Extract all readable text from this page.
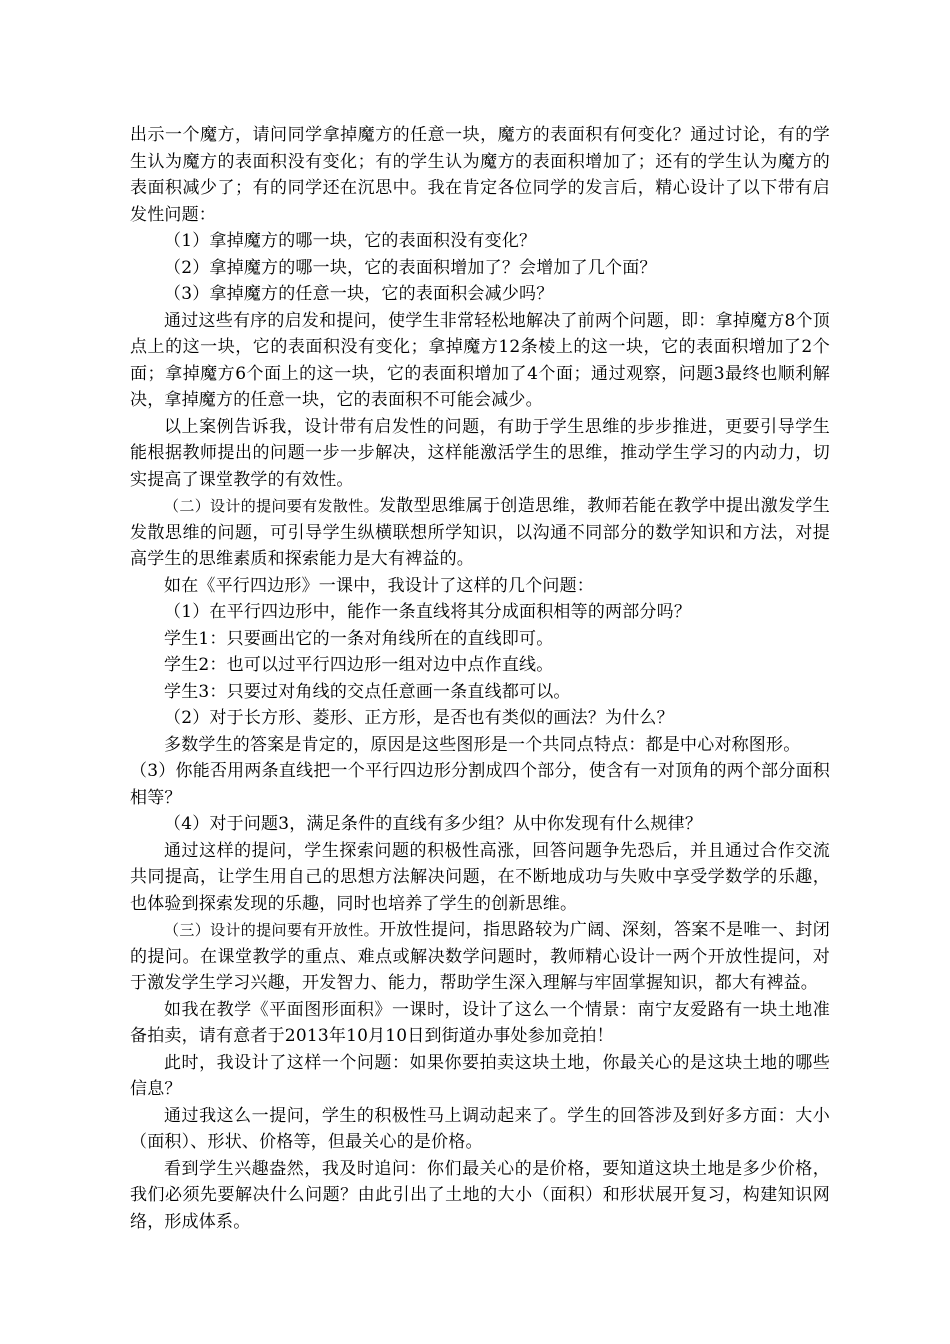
出示一个魔方，请问同学拿掉魔方的任意一块，魔方的表面积有何变化？通过讨论，有的学生认为魔方的表面积没有变化；有的学生认为魔方的表面积增加了；还有的学生认为魔方的表面积减少了；有的同学还在沉思中。我在肯定各位同学的发言后，精心设计了以下带有启发性问题：

（1）拿掉魔方的哪一块，它的表面积没有变化？

（2）拿掉魔方的哪一块，它的表面积增加了？会增加了几个面？

（3）拿掉魔方的任意一块，它的表面积会减少吗？

通过这些有序的启发和提问，使学生非常轻松地解决了前两个问题，即：拿掉魔方8个顶点上的这一块，它的表面积没有变化；拿掉魔方12条棱上的这一块，它的表面积增加了2个面；拿掉魔方6个面上的这一块，它的表面积增加了4个面；通过观察，问题3最终也顺利解决，拿掉魔方的任意一块，它的表面积不可能会减少。

以上案例告诉我，设计带有启发性的问题，有助于学生思维的步步推进，更要引导学生能根据教师提出的问题一步一步解决，这样能激活学生的思维，推动学生学习的内动力，切实提高了课堂教学的有效性。

（二）设计的提问要有发散性。发散型思维属于创造思维，教师若能在教学中提出激发学生发散思维的问题，可引导学生纵横联想所学知识，以沟通不同部分的数学知识和方法，对提高学生的思维素质和探索能力是大有裨益的。

如在《平行四边形》一课中，我设计了这样的几个问题：

（1）在平行四边形中，能作一条直线将其分成面积相等的两部分吗？

学生1：只要画出它的一条对角线所在的直线即可。

学生2：也可以过平行四边形一组对边中点作直线。

学生3：只要过对角线的交点任意画一条直线都可以。

（2）对于长方形、菱形、正方形，是否也有类似的画法？为什么？

多数学生的答案是肯定的，原因是这些图形是一个共同点特点：都是中心对称图形。

（3）你能否用两条直线把一个平行四边形分割成四个部分，使含有一对顶角的两个部分面积相等？

（4）对于问题3，满足条件的直线有多少组？从中你发现有什么规律？

通过这样的提问，学生探索问题的积极性高涨，回答问题争先恐后，并且通过合作交流共同提高，让学生用自己的思想方法解决问题，在不断地成功与失败中享受学数学的乐趣，也体验到探索发现的乐趣，同时也培养了学生的创新思维。

（三）设计的提问要有开放性。开放性提问，指思路较为广阔、深刻，答案不是唯一、封闭的提问。在课堂教学的重点、难点或解决数学问题时，教师精心设计一两个开放性提问，对于激发学生学习兴趣，开发智力、能力，帮助学生深入理解与牢固掌握知识，都大有裨益。

如我在教学《平面图形面积》一课时，设计了这么一个情景：南宁友爱路有一块土地准备拍卖，请有意者于2013年10月10日到街道办事处参加竞拍！

此时，我设计了这样一个问题：如果你要拍卖这块土地，你最关心的是这块土地的哪些信息？

通过我这么一提问，学生的积极性马上调动起来了。学生的回答涉及到好多方面：大小（面积）、形状、价格等，但最关心的是价格。

看到学生兴趣盎然，我及时追问：你们最关心的是价格，要知道这块土地是多少价格，我们必须先要解决什么问题？由此引出了土地的大小（面积）和形状展开复习，构建知识网络，形成体系。
